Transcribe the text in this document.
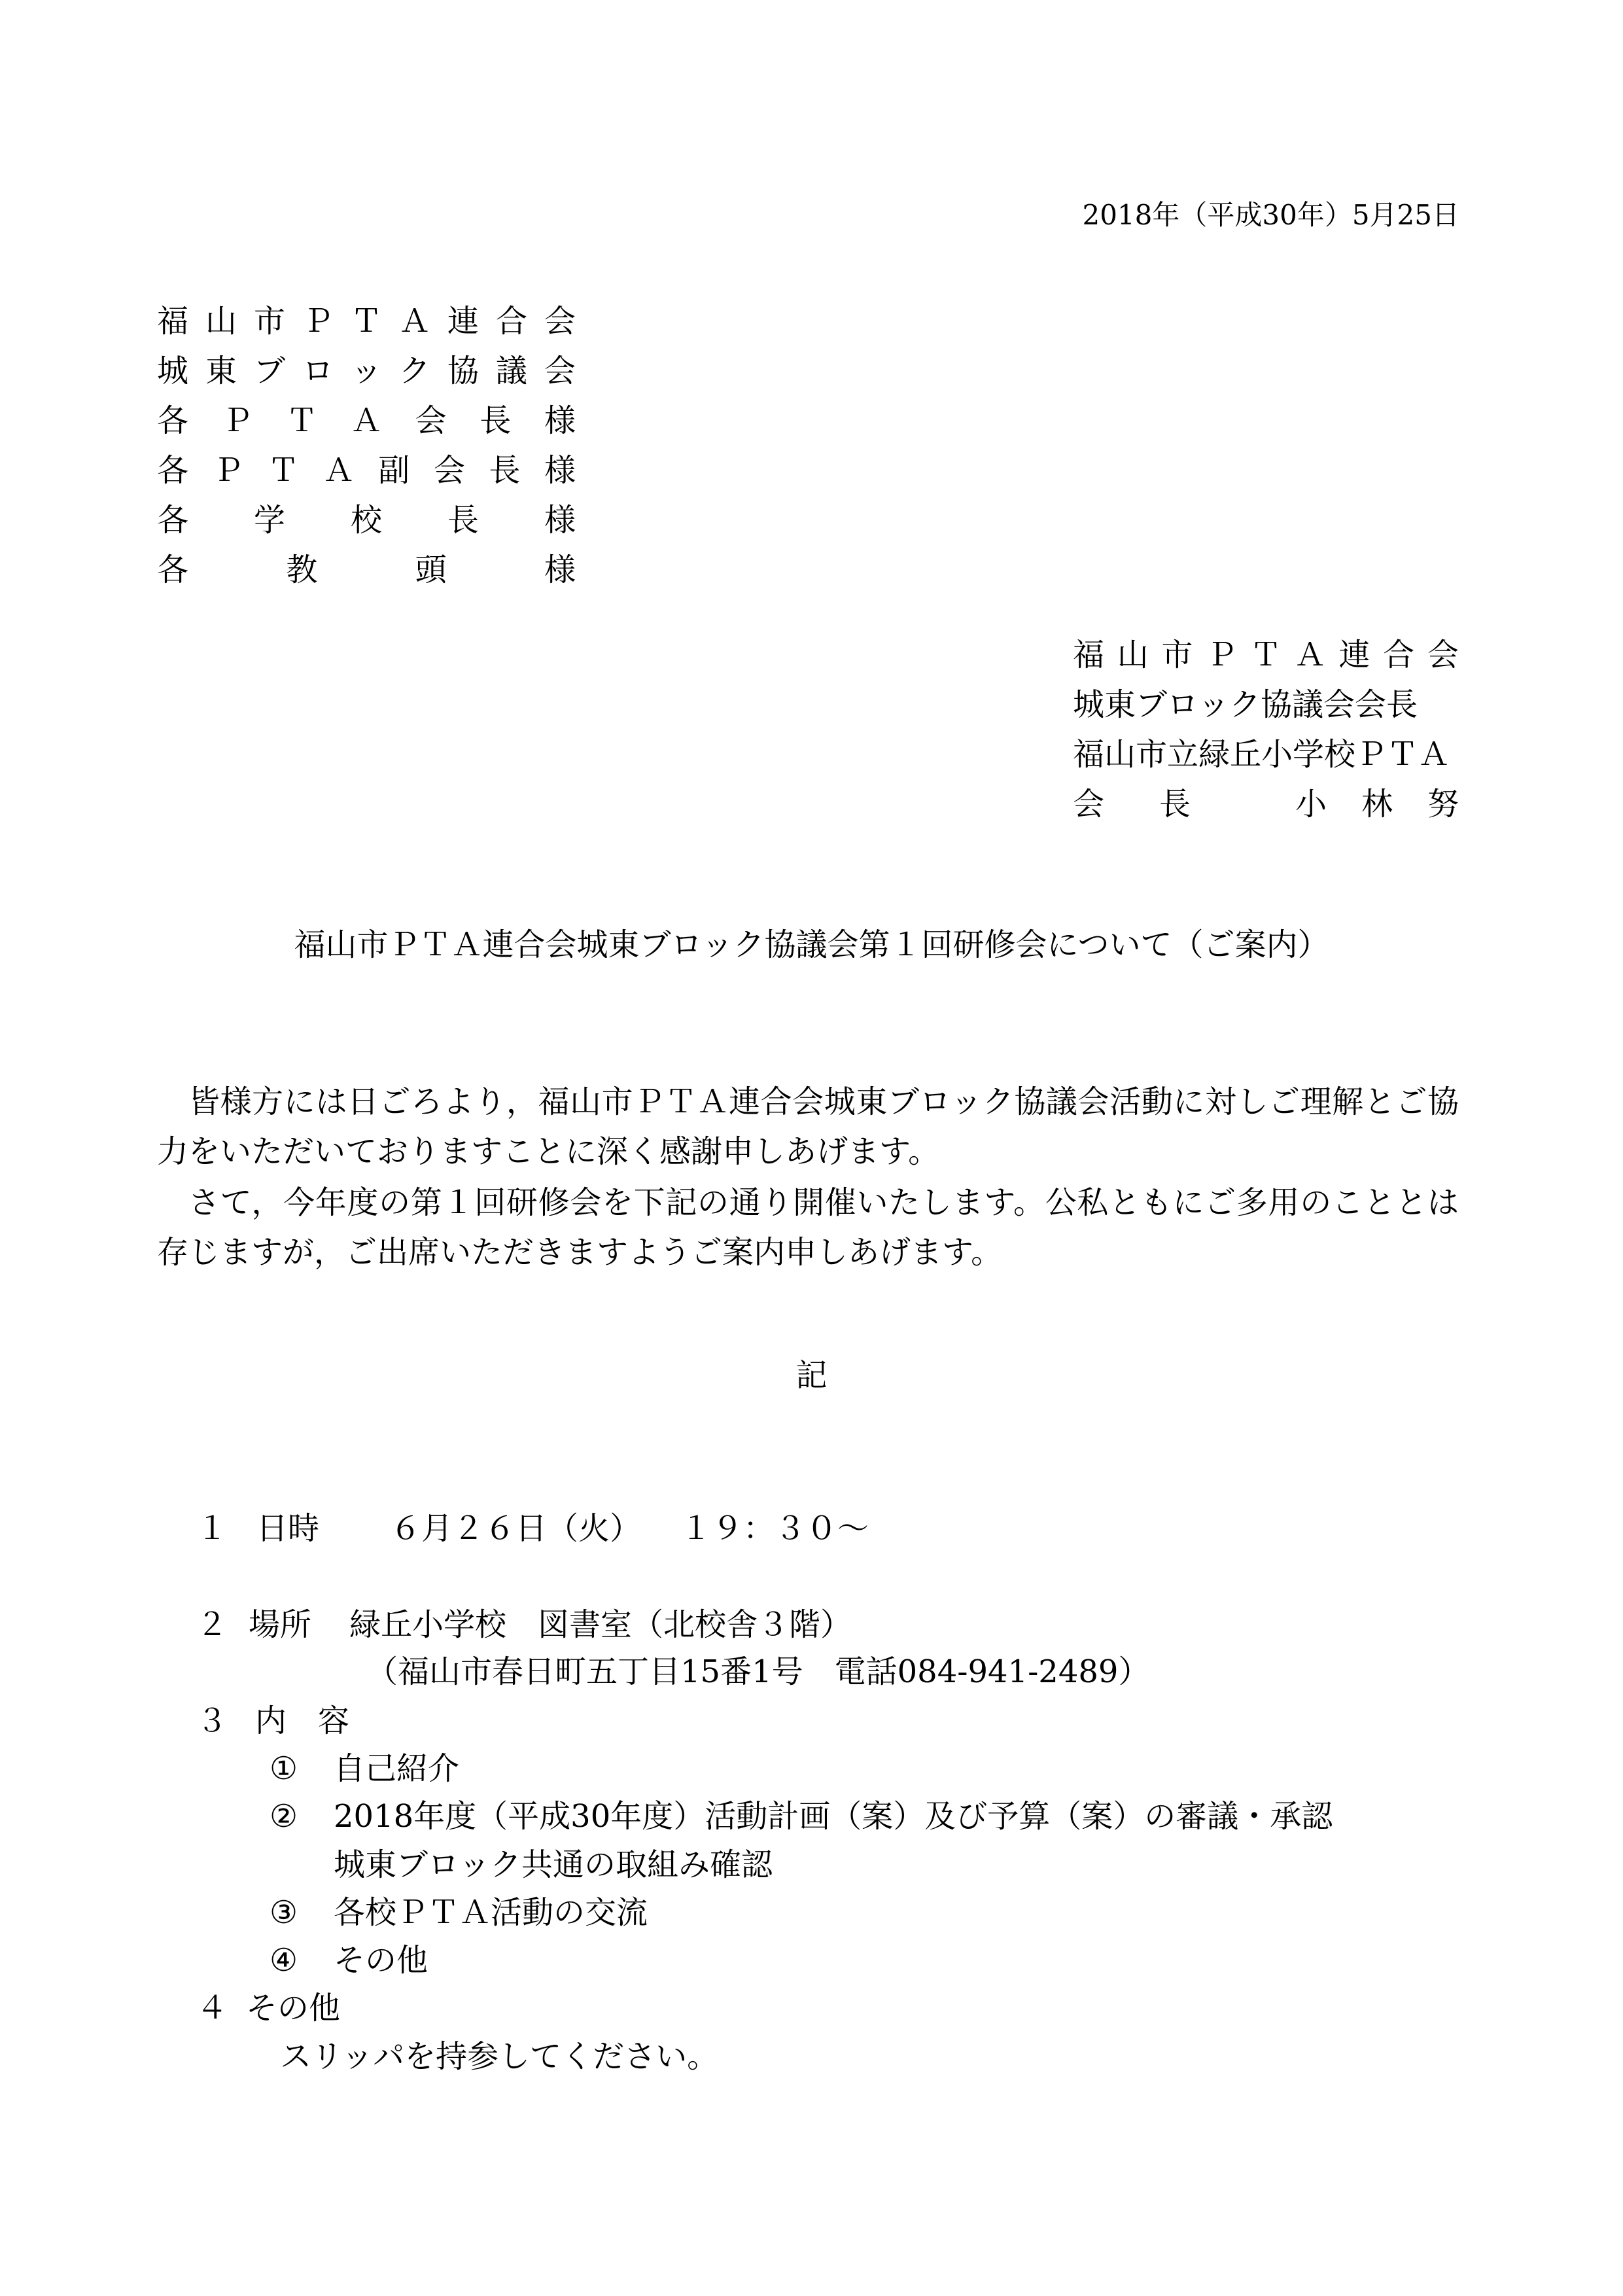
2018年（平成30年）5月25日
福 山 市 Ｐ Ｔ Ａ 連 合 会
城 東 ブ ロ ッ ク 協 議 会
各 Ｐ Ｔ Ａ 会 長 様
各 Ｐ Ｔ Ａ 副 会 長 様
各 学 校 長 様
各	教	頭	様
福 山 市 Ｐ Ｔ Ａ 連 合 会
城東ブロック協議会会長
福山市立緑丘小学校ＰＴＡ
会 長	小 林 努
福山市ＰＴＡ連合会城東ブロック協議会第１回研修会について（ご案内）
皆様方には日ごろより，福山市ＰＴＡ連合会城東ブロック協議会活動に対しご理解とご協力をいただいておりますことに深く感謝申しあげます。
さて，今年度の第１回研修会を下記の通り開催いたします。公私ともにご多用のこととは存じますが，ご出席いただきますようご案内申しあげます。
記
１ 日時 ６月２６日（火） １９：３０～
２ 場所 緑丘小学校　図書室（北校舎３階）
（福山市春日町五丁目15番1号　電話084-941-2489）
３ 内　容
① 自己紹介
② 2018年度（平成30年度）活動計画（案）及び予算（案）の審議・承認
城東ブロック共通の取組み確認
③ 各校ＰＴＡ活動の交流
④ その他
４ その他
スリッパを持参してください。
